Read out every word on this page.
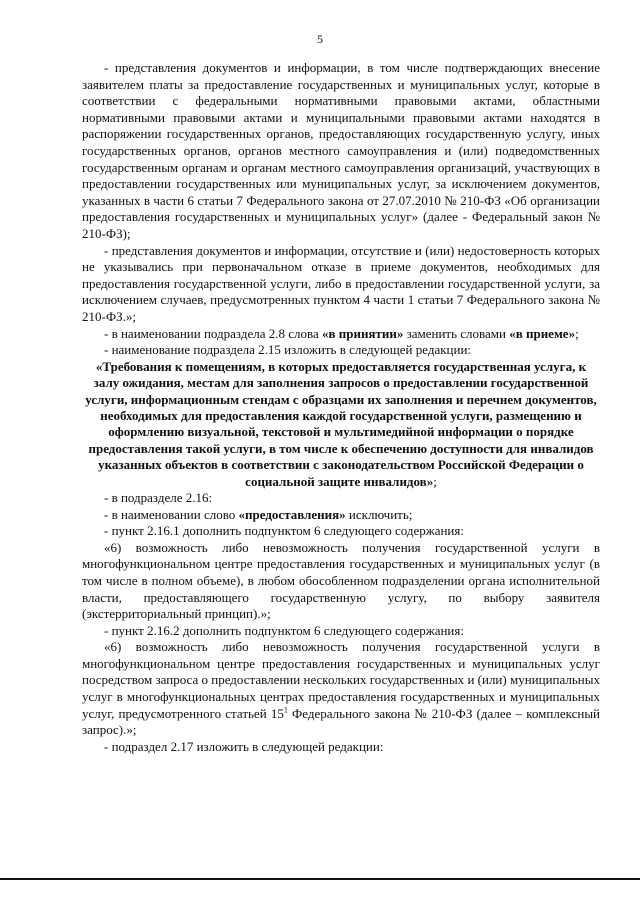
5

- представления документов и информации, в том числе подтверждающих внесение заявителем платы за предоставление государственных и муниципальных услуг, которые в соответствии с федеральными нормативными правовыми актами, областными нормативными правовыми актами и муниципальными правовыми актами находятся в распоряжении государственных органов, предоставляющих государственную услугу, иных государственных органов, органов местного самоуправления и (или) подведомственных государственным органам и органам местного самоуправления организаций, участвующих в предоставлении государственных или муниципальных услуг, за исключением документов, указанных в части 6 статьи 7 Федерального закона от 27.07.2010 № 210-ФЗ «Об организации предоставления государственных и муниципальных услуг» (далее - Федеральный закон № 210-ФЗ);

- представления документов и информации, отсутствие и (или) недостоверность которых не указывались при первоначальном отказе в приеме документов, необходимых для предоставления государственной услуги, либо в предоставлении государственной услуги, за исключением случаев, предусмотренных пунктом 4 части 1 статьи 7 Федерального закона № 210-ФЗ.»;

- в наименовании подраздела 2.8 слова «в принятии» заменить словами «в приеме»;

- наименование подраздела 2.15 изложить в следующей редакции:

«Требования к помещениям, в которых предоставляется государственная услуга, к залу ожидания, местам для заполнения запросов о предоставлении государственной услуги, информационным стендам с образцами их заполнения и перечнем документов, необходимых для предоставления каждой государственной услуги, размещению и оформлению визуальной, текстовой и мультимедийной информации о порядке предоставления такой услуги, в том числе к обеспечению доступности для инвалидов указанных объектов в соответствии с законодательством Российской Федерации о социальной защите инвалидов»;

- в подразделе 2.16:

- в наименовании слово «предоставления» исключить;

- пункт 2.16.1 дополнить подпунктом 6 следующего содержания:

«6) возможность либо невозможность получения государственной услуги в многофункциональном центре предоставления государственных и муниципальных услуг (в том числе в полном объеме), в любом обособленном подразделении органа исполнительной власти, предоставляющего государственную услугу, по выбору заявителя (экстерриториальный принцип).»;

- пункт 2.16.2 дополнить подпунктом 6 следующего содержания:

«6) возможность либо невозможность получения государственной услуги в многофункциональном центре предоставления государственных и муниципальных услуг посредством запроса о предоставлении нескольких государственных и (или) муниципальных услуг в многофункциональных центрах предоставления государственных и муниципальных услуг, предусмотренного статьей $15^1$ Федерального закона № 210-ФЗ (далее – комплексный запрос).»;

- подраздел 2.17 изложить в следующей редакции:
